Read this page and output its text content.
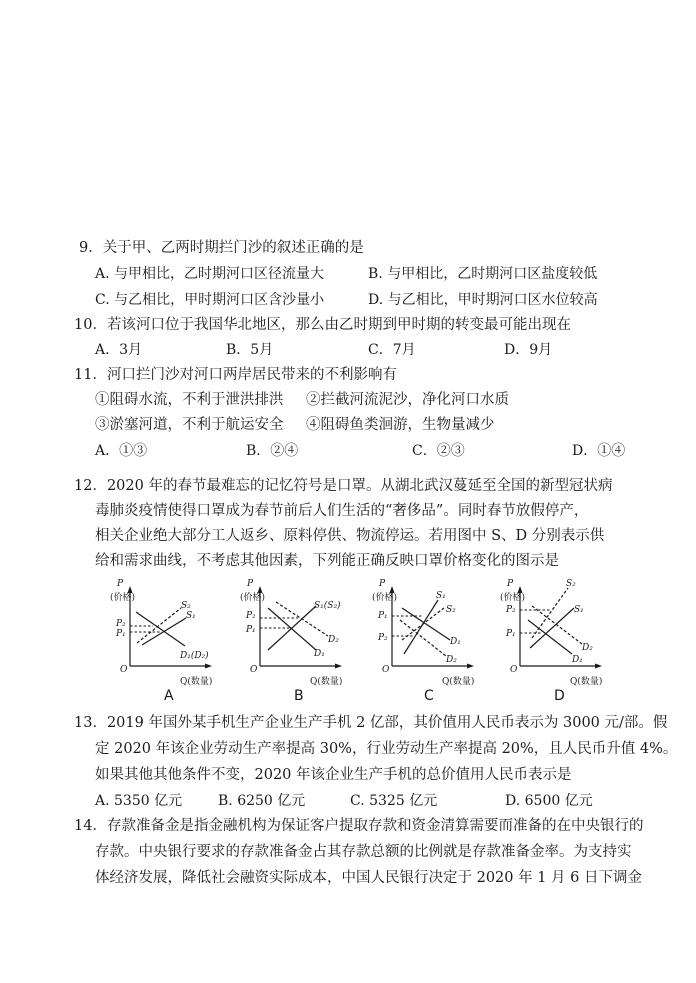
9．关于甲、乙两时期拦门沙的叙述正确的是
A. 与甲相比，乙时期河口区径流量大	B. 与甲相比，乙时期河口区盐度较低
C. 与乙相比，甲时期河口区含沙量小	D. 与乙相比，甲时期河口区水位较高
10．若该河口位于我国华北地区，那么由乙时期到甲时期的转变最可能出现在
A．3月	B．5月	C．7月	D．9月
11．河口拦门沙对河口两岸居民带来的不利影响有
①阻碍水流，不利于泄洪排洪 ②拦截河流泥沙，净化河口水质
③淤塞河道，不利于航运安全 ④阻碍鱼类洄游，生物量减少
A．①③	B．②④	C．②③	D．①④
12．2020 年的春节最难忘的记忆符号是口罩。从湖北武汉蔓延至全国的新型冠状病
毒肺炎疫情使得口罩成为春节前后人们生活的“奢侈品”。同时春节放假停产，
相关企业绝大部分工人返乡、原料停供、物流停运。若用图中 S、D 分别表示供
给和需求曲线，不考虑其他因素，下列能正确反映口罩价格变化的图示是
P
(价格)
O
Q(数量)
P₂
P₁
S₂
S₁
D₁(D₂)
A
P
(价格)
O
Q(数量)
P₂
P₁
S₁(S₂)
D₂
D₁
B
P
(价格)
O
Q(数量)
P₁
P₂
S₁
S₂
D₁
D₂
C
P
(价格)
O
Q(数量)
P₂
P₁
S₂
S₁
D₂
D₁
D
13．2019 年国外某手机生产企业生产手机 2 亿部，其价值用人民币表示为 3000 元/部。假
定 2020 年该企业劳动生产率提高 30%，行业劳动生产率提高 20%，且人民币升值 4%。
如果其他其他条件不变，2020 年该企业生产手机的总价值用人民币表示是
A. 5350 亿元	B. 6250 亿元	C. 5325 亿元	D. 6500 亿元
14．存款准备金是指金融机构为保证客户提取存款和资金清算需要而准备的在中央银行的
存款。中央银行要求的存款准备金占其存款总额的比例就是存款准备金率。为支持实
体经济发展，降低社会融资实际成本，中国人民银行决定于 2020 年 1 月 6 日下调金
